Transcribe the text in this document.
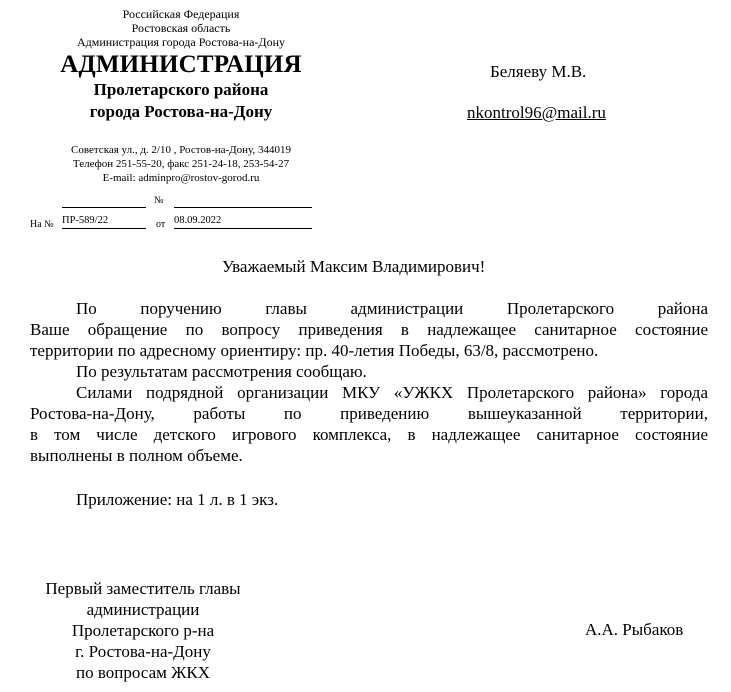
Российская Федерация
Ростовская область
Администрация города Ростова-на-Дону
АДМИНИСТРАЦИЯ
Пролетарского района
города Ростова-на-Дону
Советская ул., д. 2/10 , Ростов-на-Дону, 344019
Телефон 251-55-20, факс 251-24-18, 253-54-27
E-mail: adminpro@rostov-gorod.ru
№
На № ПР-589/22	от 08.09.2022
Беляеву М.В.
nkontrol96@mail.ru
Уважаемый Максим Владимирович!
По поручению главы администрации Пролетарского района
Ваше обращение по вопросу приведения в надлежащее санитарное состояние
территории по адресному ориентиру: пр. 40-летия Победы, 63/8, рассмотрено.
По результатам рассмотрения сообщаю.
Силами подрядной организации МКУ «УЖКХ Пролетарского района» города
Ростова-на-Дону, работы по приведению вышеуказанной территории,
в том числе детского игрового комплекса, в надлежащее санитарное состояние
выполнены в полном объеме.
Приложение: на 1 л. в 1 экз.
Первый заместитель главы
администрации
Пролетарского р-на
г. Ростова-на-Дону
по вопросам ЖКХ
А.А. Рыбаков
